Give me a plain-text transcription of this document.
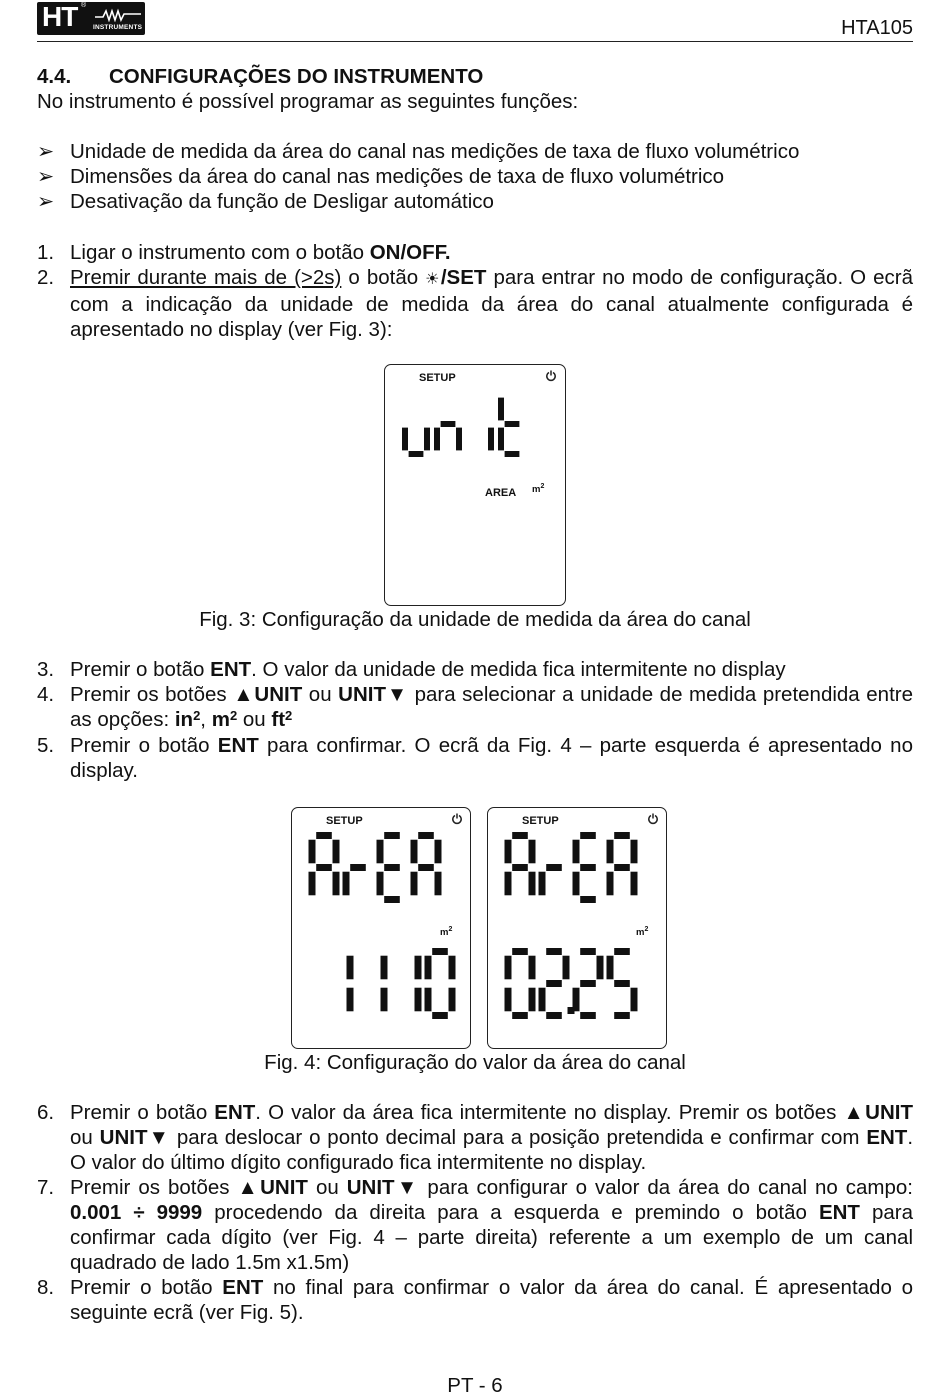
HT ®
INSTRUMENTS	HTA105

4.4. CONFIGURAÇÕES DO INSTRUMENTO

No instrumento é possível programar as seguintes funções:

➢ Unidade de medida da área do canal nas medições de taxa de fluxo volumétrico
➢ Dimensões da área do canal nas medições de taxa de fluxo volumétrico
➢ Desativação da função de Desligar automático
1. Ligar o instrumento com o botão ON/OFF.
2. Premir durante mais de (>2s) o botão ☀/SET para entrar no modo de configuração. O ecrã com a indicação da unidade de medida da área do canal atualmente configurada é apresentado no display (ver Fig. 3):
SETUP
AREA $m^2$
Fig. 3: Configuração da unidade de medida da área do canal
3. Premir o botão ENT. O valor da unidade de medida fica intermitente no display
4. Premir os botões ▲UNIT ou UNIT▼ para selecionar a unidade de medida pretendida entre as opções: $in^2$, $m^2$ ou $ft^2$
5. Premir o botão ENT para confirmar. O ecrã da Fig. 4 – parte esquerda é apresentado no display.
SETUP
$m^2$
SETUP
$m^2$
Fig. 4: Configuração do valor da área do canal
6. Premir o botão ENT. O valor da área fica intermitente no display. Premir os botões ▲UNIT ou UNIT▼ para deslocar o ponto decimal para a posição pretendida e confirmar com ENT. O valor do último dígito configurado fica intermitente no display.
7. Premir os botões ▲UNIT ou UNIT▼ para configurar o valor da área do canal no campo: 0.001 ÷ 9999 procedendo da direita para a esquerda e premindo o botão ENT para confirmar cada dígito (ver Fig. 4 – parte direita) referente a um exemplo de um canal quadrado de lado 1.5m x1.5m)
8. Premir o botão ENT no final para confirmar o valor da área do canal. É apresentado o seguinte ecrã (ver Fig. 5).
PT - 6
